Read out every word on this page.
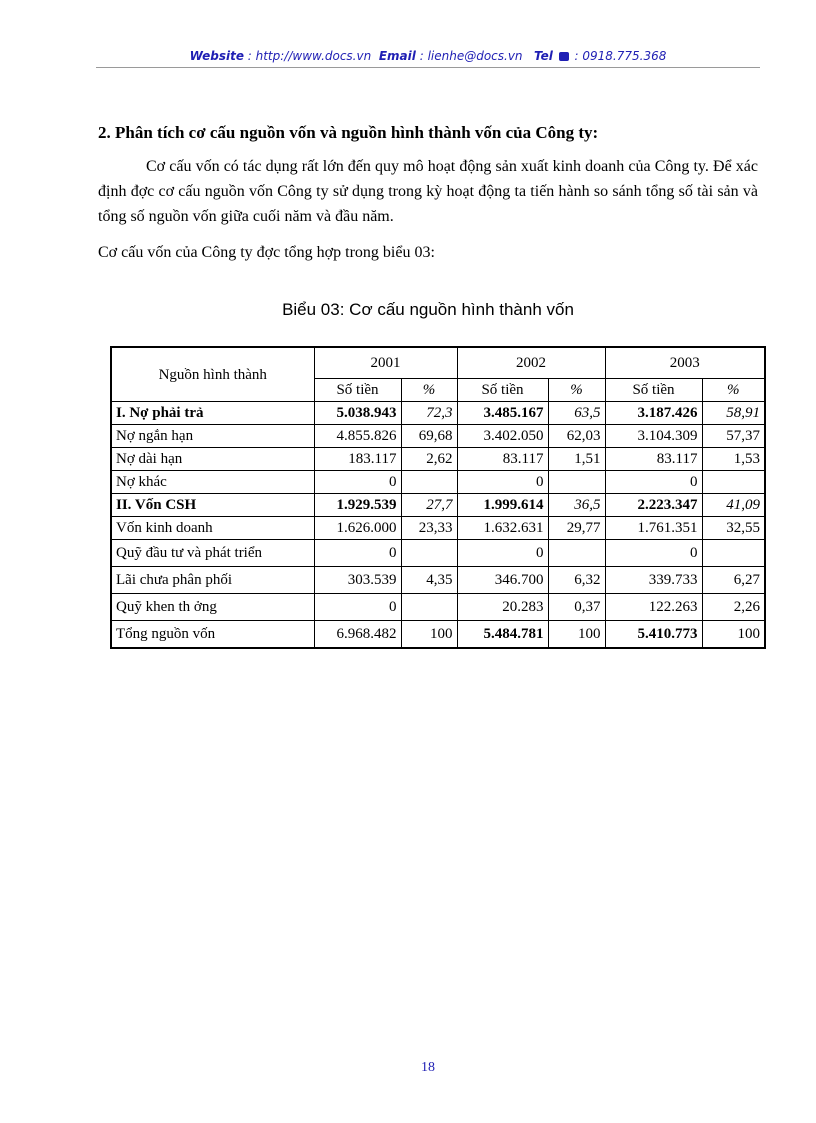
Website : http://www.docs.vn Email : lienhe@docs.vn Tel  : 0918.775.368
2. Phân tích cơ cấu nguồn vốn và nguồn hình thành vốn của Công ty:
Cơ cấu vốn có tác dụng rất lớn đến quy mô hoạt động sản xuất kinh doanh của Công ty. Để xác định đợc cơ cấu nguồn vốn Công ty sử dụng trong kỳ hoạt động ta tiến hành so sánh tổng số tài sản và tổng số nguồn vốn giữa cuối năm và đầu năm.
Cơ cấu vốn của Công ty đợc tổng hợp trong biểu 03:
Biểu 03: Cơ cấu nguồn hình thành vốn
Nguồn hình thành	2001		2002		2003	
	Số tiền	%	Số tiền	%	Số tiền	%
I. Nợ phải trả	5.038.943	72,3	3.485.167	63,5	3.187.426	58,91
Nợ ngắn hạn	4.855.826	69,68	3.402.050	62,03	3.104.309	57,37
Nợ dài hạn	183.117	2,62	83.117	1,51	83.117	1,53
Nợ khác	0		0		0	
II. Vốn CSH	1.929.539	27,7	1.999.614	36,5	2.223.347	41,09
Vốn kinh doanh	1.626.000	23,33	1.632.631	29,77	1.761.351	32,55
Quỹ đầu tư và phát triển	0		0		0	
Lãi chưa phân phối	303.539	4,35	346.700	6,32	339.733	6,27
Quỹ khen th ởng	0		20.283	0,37	122.263	2,26
Tổng nguồn vốn	6.968.482	100	5.484.781	100	5.410.773	100
18
